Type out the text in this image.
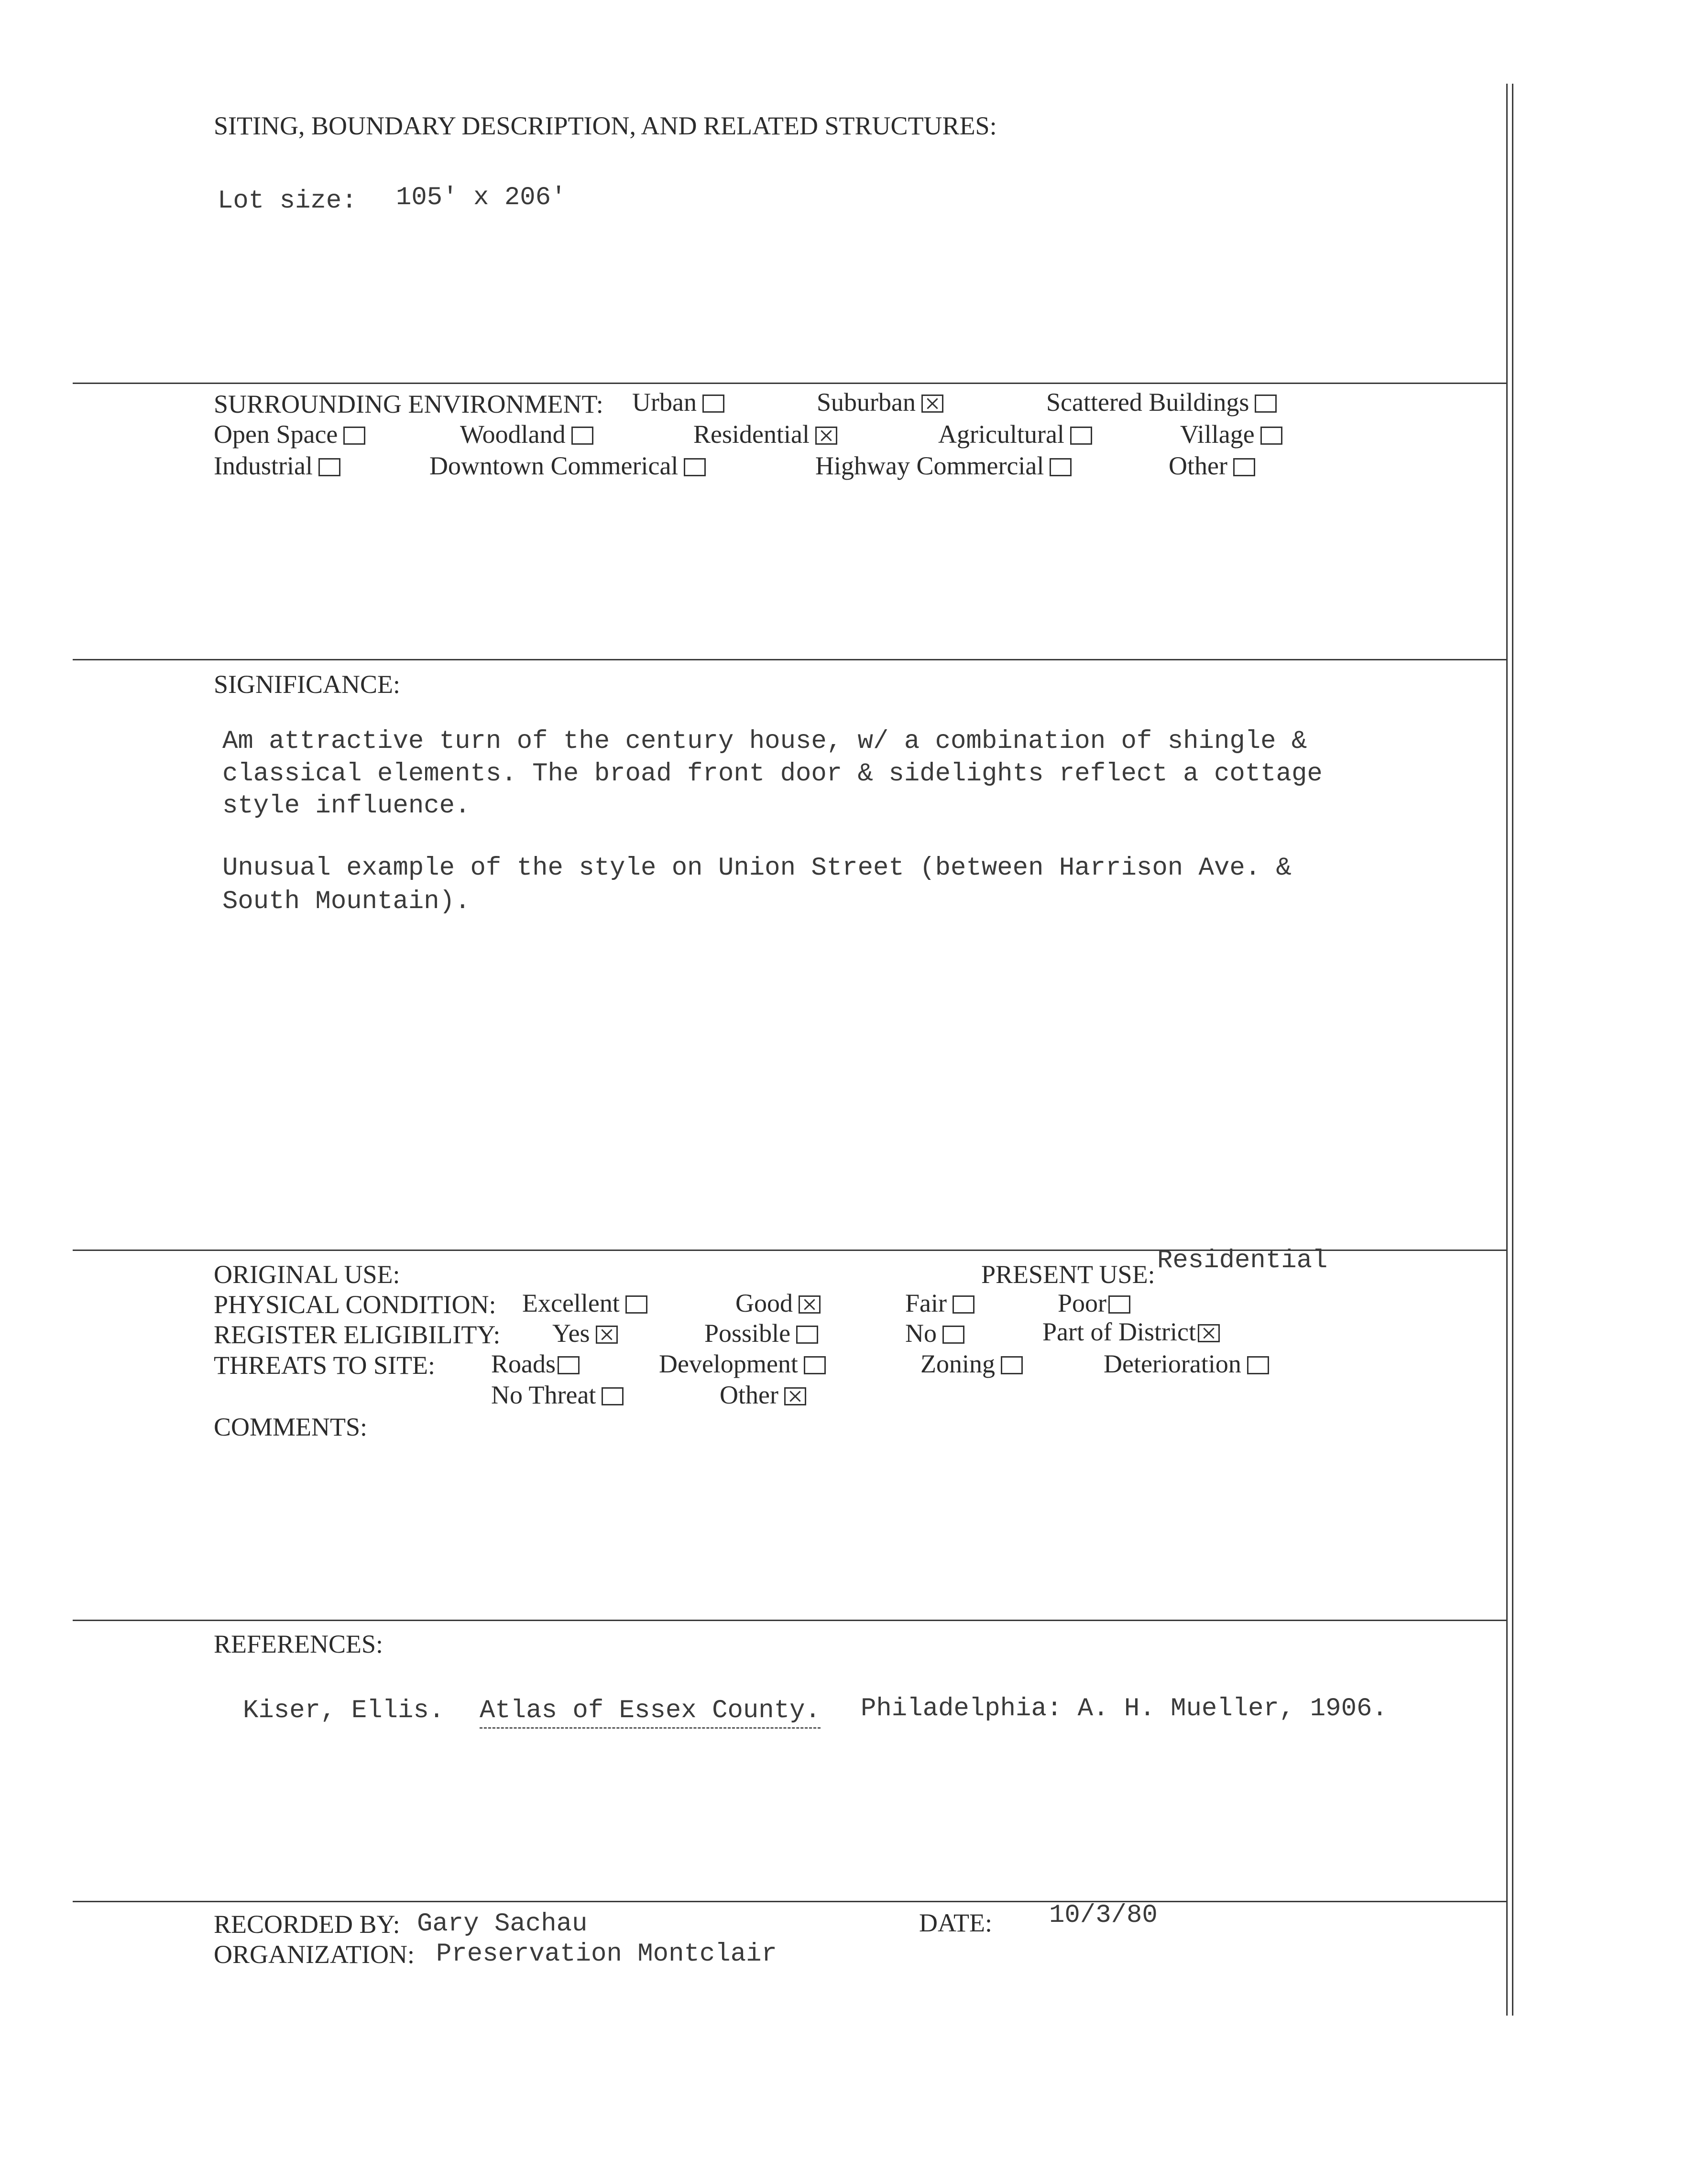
SITING, BOUNDARY DESCRIPTION, AND RELATED STRUCTURES:
Lot size: 105' x 206'
SURROUNDING ENVIRONMENT: Urban	Suburban	Scattered Buildings
Open Space	Woodland	Residential	Agricultural	Village
Industrial	Downtown Commerical	Highway Commercial	Other
SIGNIFICANCE:
Am attractive turn of the century house, w/ a combination of shingle &
classical elements. The broad front door & sidelights reflect a cottage
style influence.
Unusual example of the style on Union Street (between Harrison Ave. &
South Mountain).
ORIGINAL USE:	PRESENT USE: Residential
PHYSICAL CONDITION: Excellent	Good	Fair	Poor
REGISTER ELIGIBILITY: Yes	Possible	No	Part of District
THREATS TO SITE: Roads	Development	Zoning	Deterioration
No Threat	Other
COMMENTS:
REFERENCES:
Kiser, Ellis. Atlas of Essex County. Philadelphia: A. H. Mueller, 1906.
RECORDED BY: Gary Sachau	DATE: 10/3/80
ORGANIZATION: Preservation Montclair
